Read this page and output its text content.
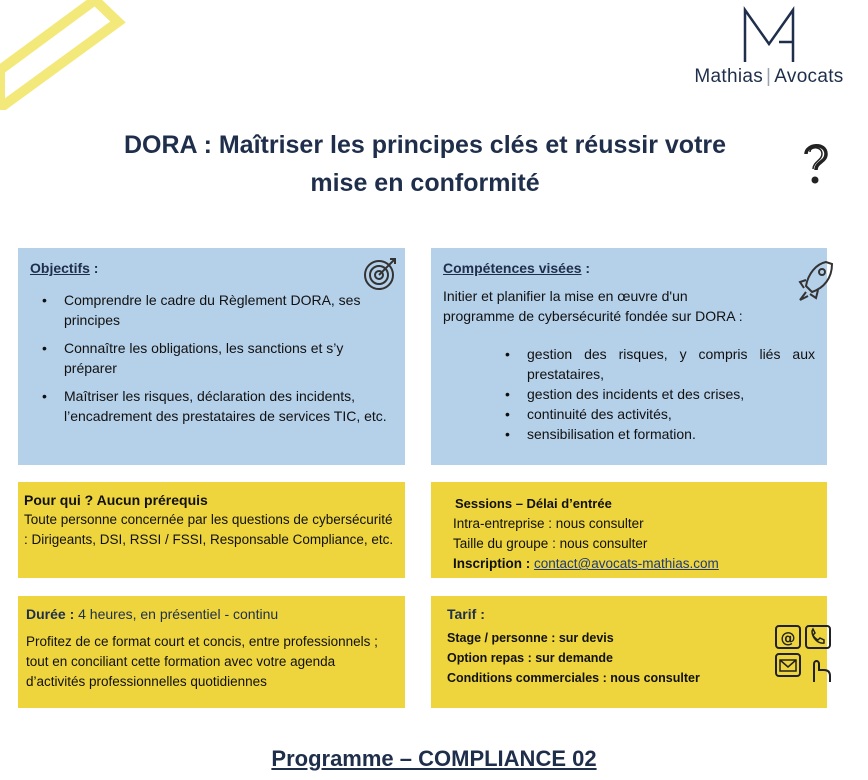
Mathias | Avocats
DORA : Maîtriser les principes clés et réussir votre
mise en conformité
Objectifs :
• Comprendre le cadre du Règlement DORA, ses principes
• Connaître les obligations, les sanctions et s’y préparer
• Maîtriser les risques, déclaration des incidents, l’encadrement des prestataires de services TIC, etc.
Compétences visées :
Initier et planifier la mise en œuvre d'un programme de cybersécurité fondée sur DORA :
• gestion des risques, y compris liés aux prestataires,
• gestion des incidents et des crises,
• continuité des activités,
• sensibilisation et formation.
Pour qui ? Aucun prérequis
Toute personne concernée par les questions de cybersécurité : Dirigeants, DSI, RSSI / FSSI, Responsable Compliance, etc.
Sessions – Délai d’entrée
Intra-entreprise : nous consulter
Taille du groupe : nous consulter
Inscription : contact@avocats-mathias.com
Durée : 4 heures, en présentiel - continu
Profitez de ce format court et concis, entre professionnels ; tout en conciliant cette formation avec votre agenda d’activités professionnelles quotidiennes
Tarif :
Stage / personne : sur devis
Option repas : sur demande
Conditions commerciales : nous consulter
@
Programme – COMPLIANCE 02
